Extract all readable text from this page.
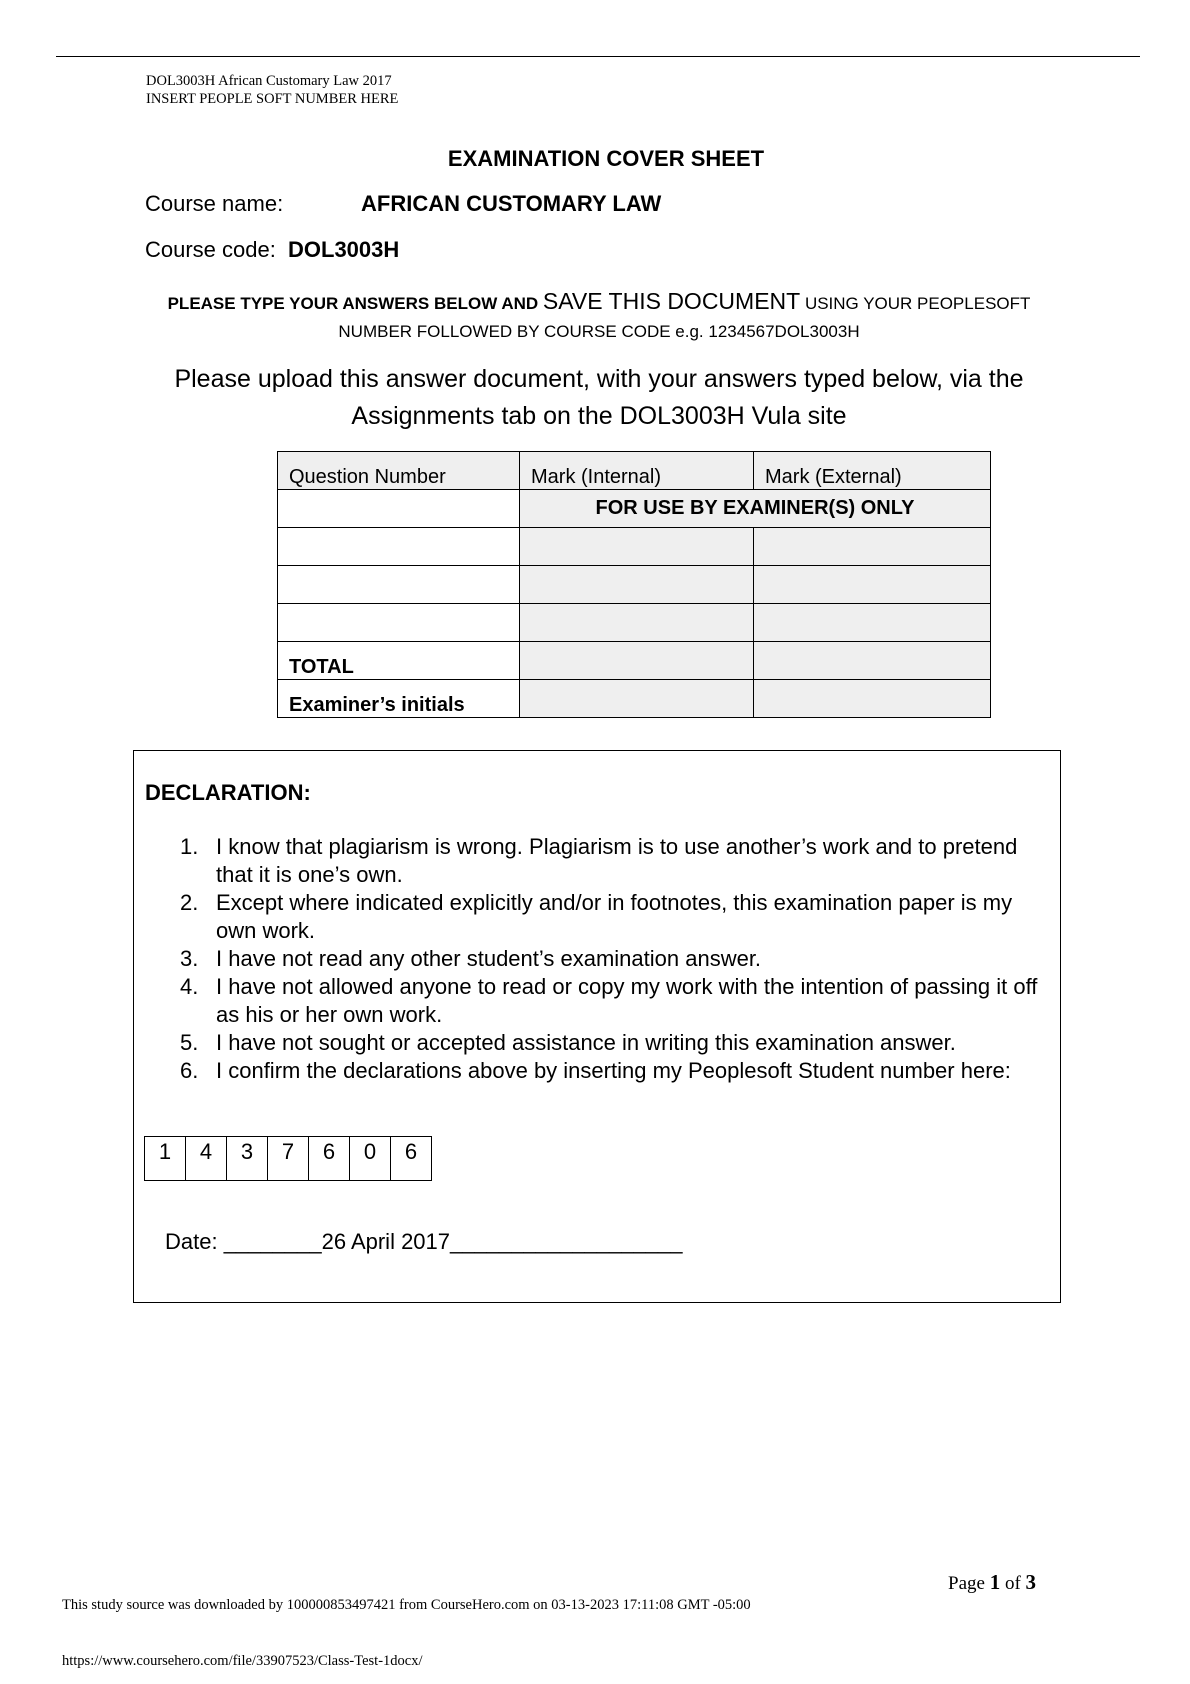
DOL3003H African Customary Law 2017
INSERT PEOPLE SOFT NUMBER HERE
EXAMINATION COVER SHEET
Course name:	AFRICAN CUSTOMARY LAW
Course code: DOL3003H
PLEASE TYPE YOUR ANSWERS BELOW AND SAVE THIS DOCUMENT USING YOUR PEOPLESOFT
NUMBER FOLLOWED BY COURSE CODE e.g. 1234567DOL3003H
Please upload this answer document, with your answers typed below, via the
Assignments tab on the DOL3003H Vula site
Question Number	Mark (Internal)	Mark (External)
	FOR USE BY EXAMINER(S) ONLY	

TOTAL		
Examiner’s initials		
DECLARATION:
1. I know that plagiarism is wrong. Plagiarism is to use another’s work and to pretend that it is one’s own.
2. Except where indicated explicitly and/or in footnotes, this examination paper is my own work.
3. I have not read any other student’s examination answer.
4. I have not allowed anyone to read or copy my work with the intention of passing it off as his or her own work.
5. I have not sought or accepted assistance in writing this examination answer.
6. I confirm the declarations above by inserting my Peoplesoft Student number here:
1	4	3	7	6	0	6
Date: ________26 April 2017___________________
Page 1 of 3
This study source was downloaded by 100000853497421 from CourseHero.com on 03-13-2023 17:11:08 GMT -05:00
https://www.coursehero.com/file/33907523/Class-Test-1docx/
